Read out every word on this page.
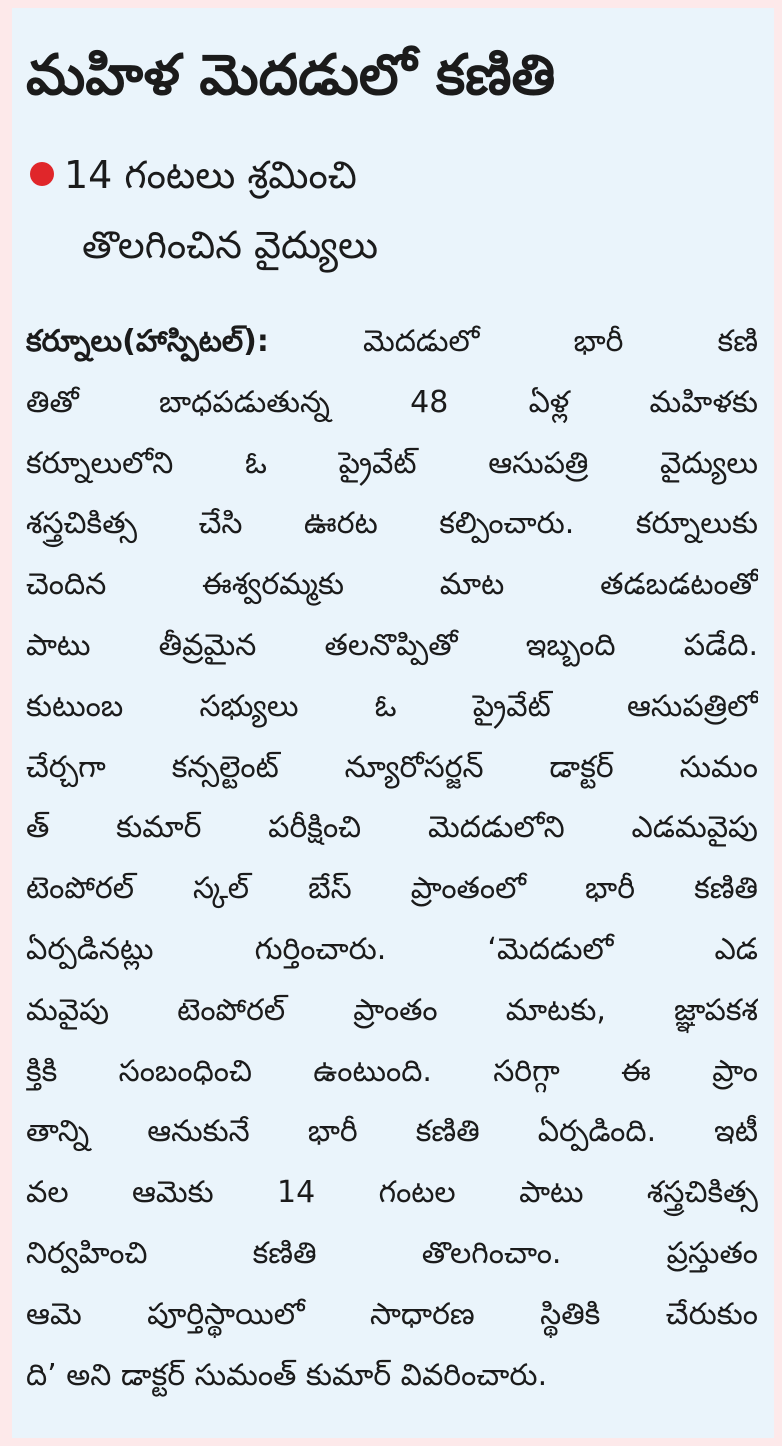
మహిళ మెదడులో కణితి
14 గంటలు శ్రమించి
తొలగించిన వైద్యులు
కర్నూలు(హాస్పిటల్): మెదడులో భారీ కణి
తితో బాధపడుతున్న 48 ఏళ్ల మహిళకు
కర్నూలులోని ఓ ప్రైవేట్ ఆసుపత్రి వైద్యులు
శస్త్రచికిత్స చేసి ఊరట కల్పించారు. కర్నూలుకు
చెందిన ఈశ్వరమ్మకు మాట తడబడటంతో
పాటు తీవ్రమైన తలనొప్పితో ఇబ్బంది పడేది.
కుటుంబ సభ్యులు ఓ ప్రైవేట్ ఆసుపత్రిలో
చేర్చగా కన్సల్టెంట్ న్యూరోసర్జన్ డాక్టర్ సుమం
త్ కుమార్ పరీక్షించి మెదడులోని ఎడమవైపు
టెంపోరల్ స్కల్ బేస్ ప్రాంతంలో భారీ కణితి
ఏర్పడినట్లు గుర్తించారు. ‘మెదడులో ఎడ
మవైపు టెంపోరల్ ప్రాంతం మాటకు, జ్ఞాపకశ
క్తికి సంబంధించి ఉంటుంది. సరిగ్గా ఈ ప్రాం
తాన్ని ఆనుకునే భారీ కణితి ఏర్పడింది. ఇటీ
వల ఆమెకు 14 గంటల పాటు శస్త్రచికిత్స
నిర్వహించి కణితి తొలగించాం. ప్రస్తుతం
ఆమె పూర్తిస్థాయిలో సాధారణ స్థితికి చేరుకుం
ది’ అని డాక్టర్ సుమంత్ కుమార్ వివరించారు.
